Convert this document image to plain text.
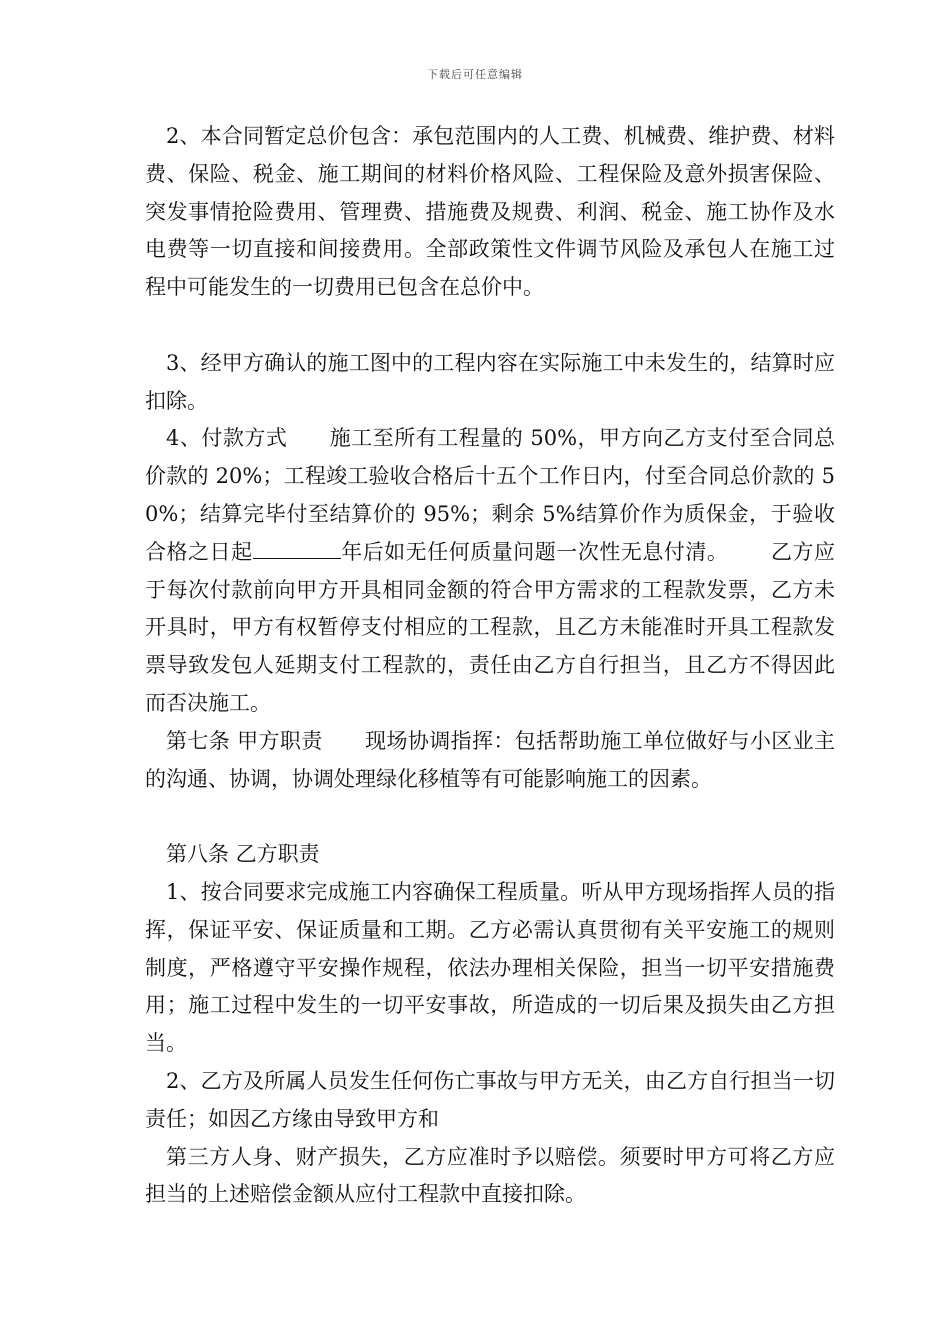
下载后可任意编辑

2、本合同暂定总价包含：承包范围内的人工费、机械费、维护费、材料费、保险、税金、施工期间的材料价格风险、工程保险及意外损害保险、突发事情抢险费用、管理费、措施费及规费、利润、税金、施工协作及水电费等一切直接和间接费用。全部政策性文件调节风险及承包人在施工过程中可能发生的一切费用已包含在总价中。

3、经甲方确认的施工图中的工程内容在实际施工中未发生的，结算时应扣除。

4、付款方式 施工至所有工程量的 50%，甲方向乙方支付至合同总价款的 20%；工程竣工验收合格后十五个工作日内，付至合同总价款的 50%；结算完毕付至结算价的 95%；剩余 5%结算价作为质保金，于验收合格之日起	年后如无任何质量问题一次性无息付清。 乙方应于每次付款前向甲方开具相同金额的符合甲方需求的工程款发票，乙方未开具时，甲方有权暂停支付相应的工程款，且乙方未能准时开具工程款发票导致发包人延期支付工程款的，责任由乙方自行担当，且乙方不得因此而否决施工。

第七条 甲方职责 现场协调指挥：包括帮助施工单位做好与小区业主的沟通、协调，协调处理绿化移植等有可能影响施工的因素。

第八条 乙方职责

1、按合同要求完成施工内容确保工程质量。听从甲方现场指挥人员的指挥，保证平安、保证质量和工期。乙方必需认真贯彻有关平安施工的规则制度，严格遵守平安操作规程，依法办理相关保险，担当一切平安措施费用；施工过程中发生的一切平安事故，所造成的一切后果及损失由乙方担当。

2、乙方及所属人员发生任何伤亡事故与甲方无关，由乙方自行担当一切责任；如因乙方缘由导致甲方和

第三方人身、财产损失，乙方应准时予以赔偿。须要时甲方可将乙方应担当的上述赔偿金额从应付工程款中直接扣除。
